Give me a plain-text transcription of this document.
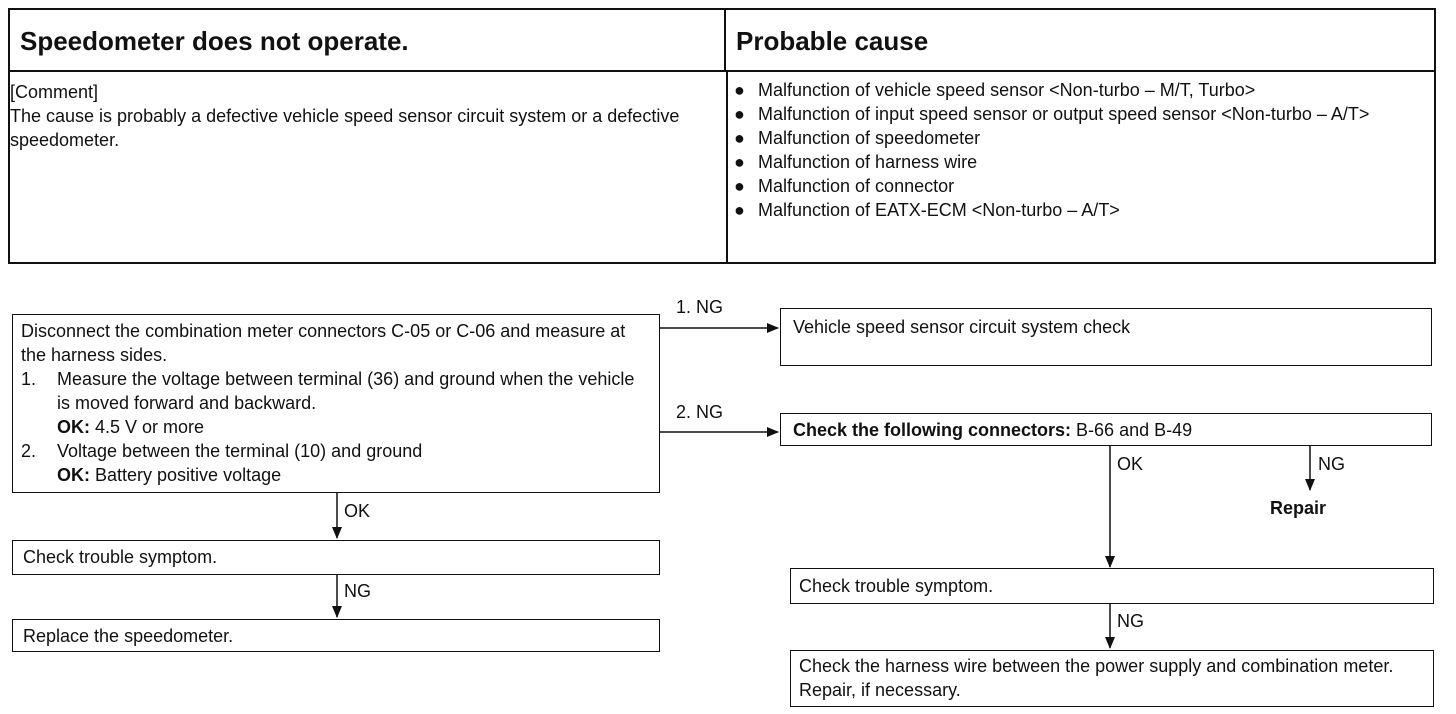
Speedometer does not operate.	Probable cause
[Comment]
The cause is probably a defective vehicle speed sensor circuit system or a defective speedometer.
● Malfunction of vehicle speed sensor <Non-turbo – M/T, Turbo>
● Malfunction of input speed sensor or output speed sensor <Non-turbo – A/T>
● Malfunction of speedometer
● Malfunction of harness wire
● Malfunction of connector
● Malfunction of EATX-ECM <Non-turbo – A/T>
Disconnect the combination meter connectors C-05 or C-06 and measure at the harness sides.
1. Measure the voltage between terminal (36) and ground when the vehicle is moved forward and backward.
OK: 4.5 V or more
2. Voltage between the terminal (10) and ground
OK: Battery positive voltage
1. NG
2. NG
Vehicle speed sensor circuit system check
Check the following connectors: B-66 and B-49
OK
Check trouble symptom.
NG
Replace the speedometer.
OK	NG
Repair
Check trouble symptom.
NG
Check the harness wire between the power supply and combination meter. Repair, if necessary.
